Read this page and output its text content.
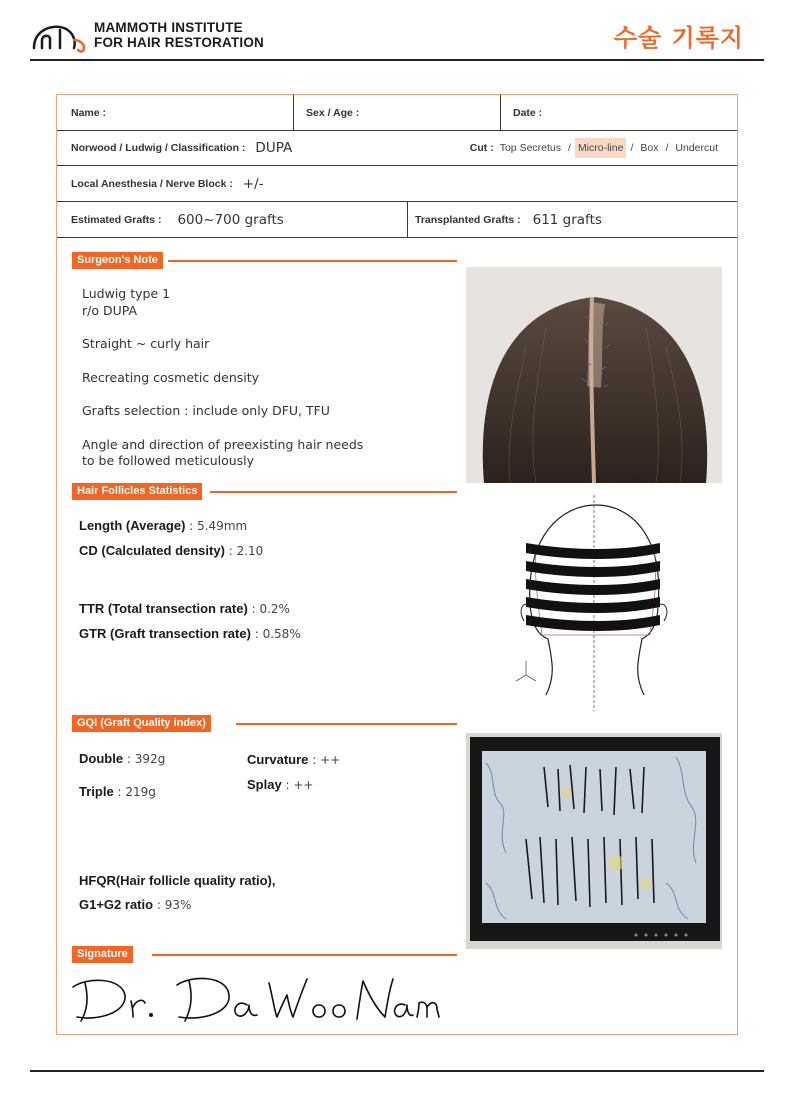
MAMMOTH INSTITUTE
FOR HAIR RESTORATION	수술 기록지
Name :	Sex / Age :	Date :
Norwood / Ludwig / Classification : DUPA	Cut : Top Secretus / Micro-line / Box / Undercut
Local Anesthesia / Nerve Block : +/-
Estimated Grafts : 600~700 grafts	Transplanted Grafts : 611 grafts
Surgeon's Note
Ludwig type 1
r/o DUPA
Straight ~ curly hair
Recreating cosmetic density
Grafts selection : include only DFU, TFU
Angle and direction of preexisting hair needs
to be followed meticulously
Hair Follicles Statistics
Length (Average) : 5.49mm
CD (Calculated density) : 2.10
TTR (Total transection rate) : 0.2%
GTR (Graft transection rate) : 0.58%
GQI (Graft Quality index)
Double : 392g
Triple : 219g
Curvature : ++
Splay : ++
HFQR(Hair follicle quality ratio),
G1+G2 ratio : 93%
Signature
